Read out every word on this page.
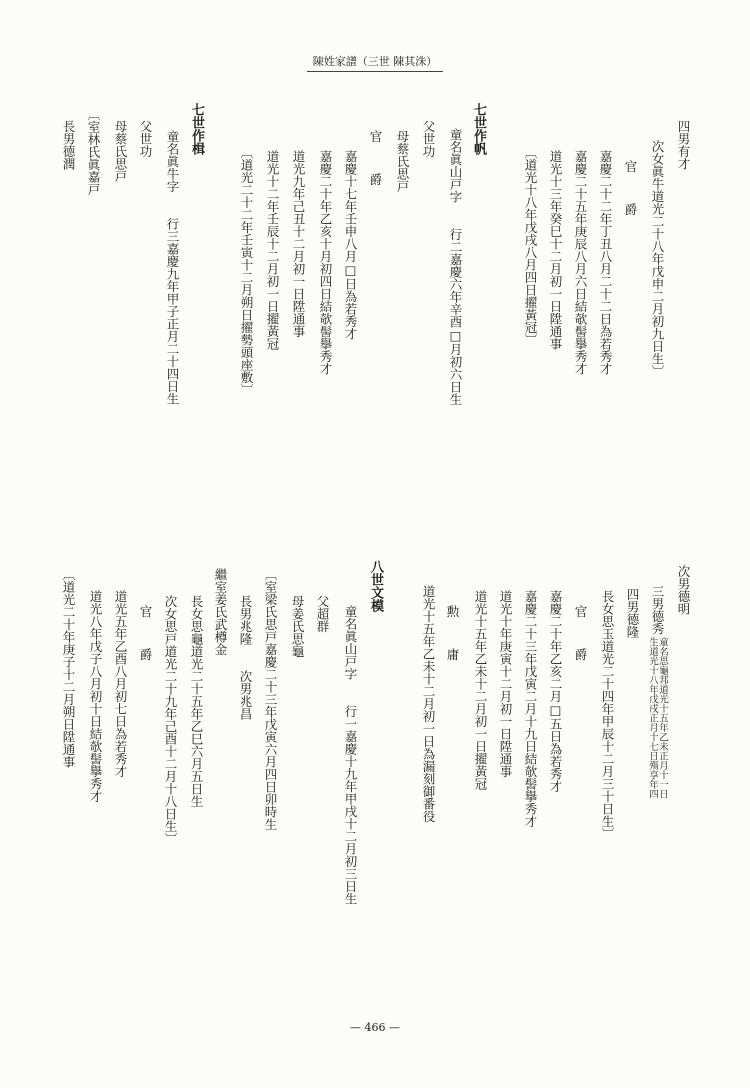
陳姓家譜（三世 陳其洙）
四男有才
次女眞牛道光二十八年戊申二月初九日生〕
官　爵
嘉慶二十二年丁丑八月二十二日為若秀才
嘉慶二十五年庚辰八月六日結欹髻擧秀才
道光十三年癸巳十二月初一日陞通事
〔道光十八年戊戌八月四日擢黃冠〕
七世作帆
童名眞山戸字　　行二嘉慶六年辛酉□月初六日生
父世功
母蔡氏思戸
官　爵
嘉慶十七年壬申八月□日為若秀才
嘉慶二十年乙亥十月初四日結欹髻擧秀才
道光九年己丑十二月初一日陞通事
道光十二年壬辰十二月初一日擢黃冠
〔道光二十二年壬寅十二月朔日擢勢頭座敷〕
七世作楫
童名眞牛字　　行三嘉慶九年甲子正月二十四日生
父世功
母蔡氏思戸
〔室林氏眞嘉戸
長男德潤
次男德明
三男德秀
童名思龜邦道光十五年乙未正月十一日
生道光十八年戊戌正月十七日殤享年四
四男德隆
長女思玉道光二十四年甲辰十二月三十日生〕
官　爵
嘉慶二十年乙亥二月□五日為若秀才
嘉慶二十三年戊寅二月十九日結欹髻擧秀才
道光十年庚寅十二月初一日陞通事
道光十五年乙未十二月初一日擢黃冠
勲　庸
道光十五年乙未十二月初一日為漏刻御番役
八世文模
童名眞山戸字　　行一嘉慶十九年甲戌十二月初三日生
父超群
母姜氏思龜
〔室梁氏思戸嘉慶二十三年戊寅六月四日卯時生
長男兆隆　　次男兆昌
繼室姜氏武樽金
長女思龜道光二十五年乙巳六月五日生
次女思戸道光二十九年己酉十二月十八日生〕
官　爵
道光五年乙酉八月初七日為若秀才
道光八年戊子八月初十日結欹髻擧秀才
〔道光二十年庚子十二月朔日陞通事
— 466 —
